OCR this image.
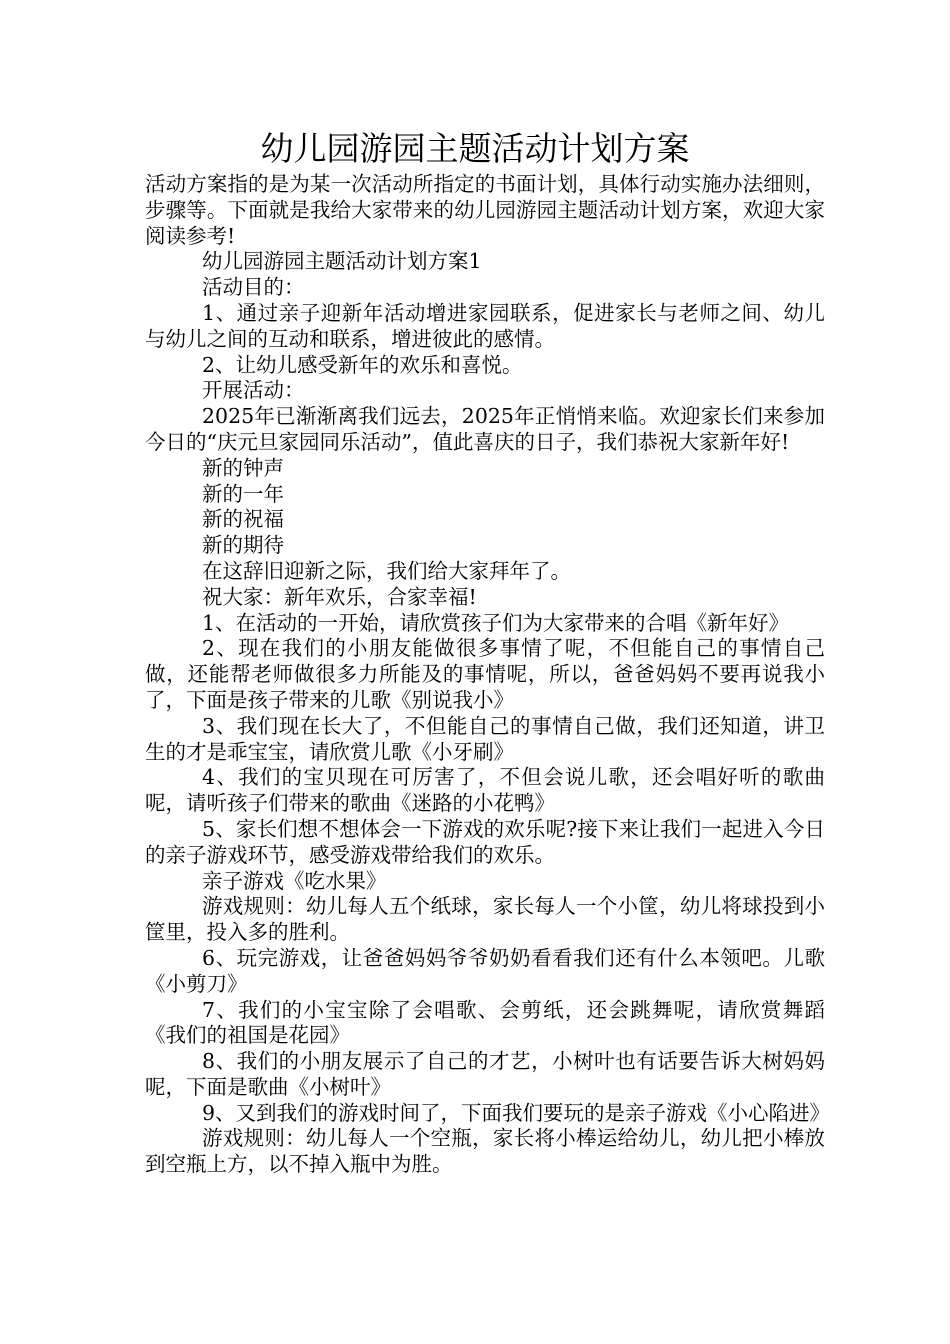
幼儿园游园主题活动计划方案

活动方案指的是为某一次活动所指定的书面计划，具体行动实施办法细则，步骤等。下面就是我给大家带来的幼儿园游园主题活动计划方案，欢迎大家阅读参考!

幼儿园游园主题活动计划方案1

活动目的：

1、通过亲子迎新年活动增进家园联系，促进家长与老师之间、幼儿与幼儿之间的互动和联系，增进彼此的感情。

2、让幼儿感受新年的欢乐和喜悦。

开展活动：

2025年已渐渐离我们远去，2025年正悄悄来临。欢迎家长们来参加今日的“庆元旦家园同乐活动”，值此喜庆的日子，我们恭祝大家新年好!

新的钟声

新的一年

新的祝福

新的期待

在这辞旧迎新之际，我们给大家拜年了。

祝大家：新年欢乐，合家幸福!

1、在活动的一开始，请欣赏孩子们为大家带来的合唱《新年好》

2、现在我们的小朋友能做很多事情了呢，不但能自己的事情自己做，还能帮老师做很多力所能及的事情呢，所以，爸爸妈妈不要再说我小了，下面是孩子带来的儿歌《别说我小》

3、我们现在长大了，不但能自己的事情自己做，我们还知道，讲卫生的才是乖宝宝，请欣赏儿歌《小牙刷》

4、我们的宝贝现在可厉害了，不但会说儿歌，还会唱好听的歌曲呢，请听孩子们带来的歌曲《迷路的小花鸭》

5、家长们想不想体会一下游戏的欢乐呢?接下来让我们一起进入今日的亲子游戏环节，感受游戏带给我们的欢乐。

亲子游戏《吃水果》

游戏规则：幼儿每人五个纸球，家长每人一个小筐，幼儿将球投到小筐里，投入多的胜利。

6、玩完游戏，让爸爸妈妈爷爷奶奶看看我们还有什么本领吧。儿歌《小剪刀》

7、我们的小宝宝除了会唱歌、会剪纸，还会跳舞呢，请欣赏舞蹈《我们的祖国是花园》

8、我们的小朋友展示了自己的才艺，小树叶也有话要告诉大树妈妈呢，下面是歌曲《小树叶》

9、又到我们的游戏时间了，下面我们要玩的是亲子游戏《小心陷进》

游戏规则：幼儿每人一个空瓶，家长将小棒运给幼儿，幼儿把小棒放到空瓶上方，以不掉入瓶中为胜。
